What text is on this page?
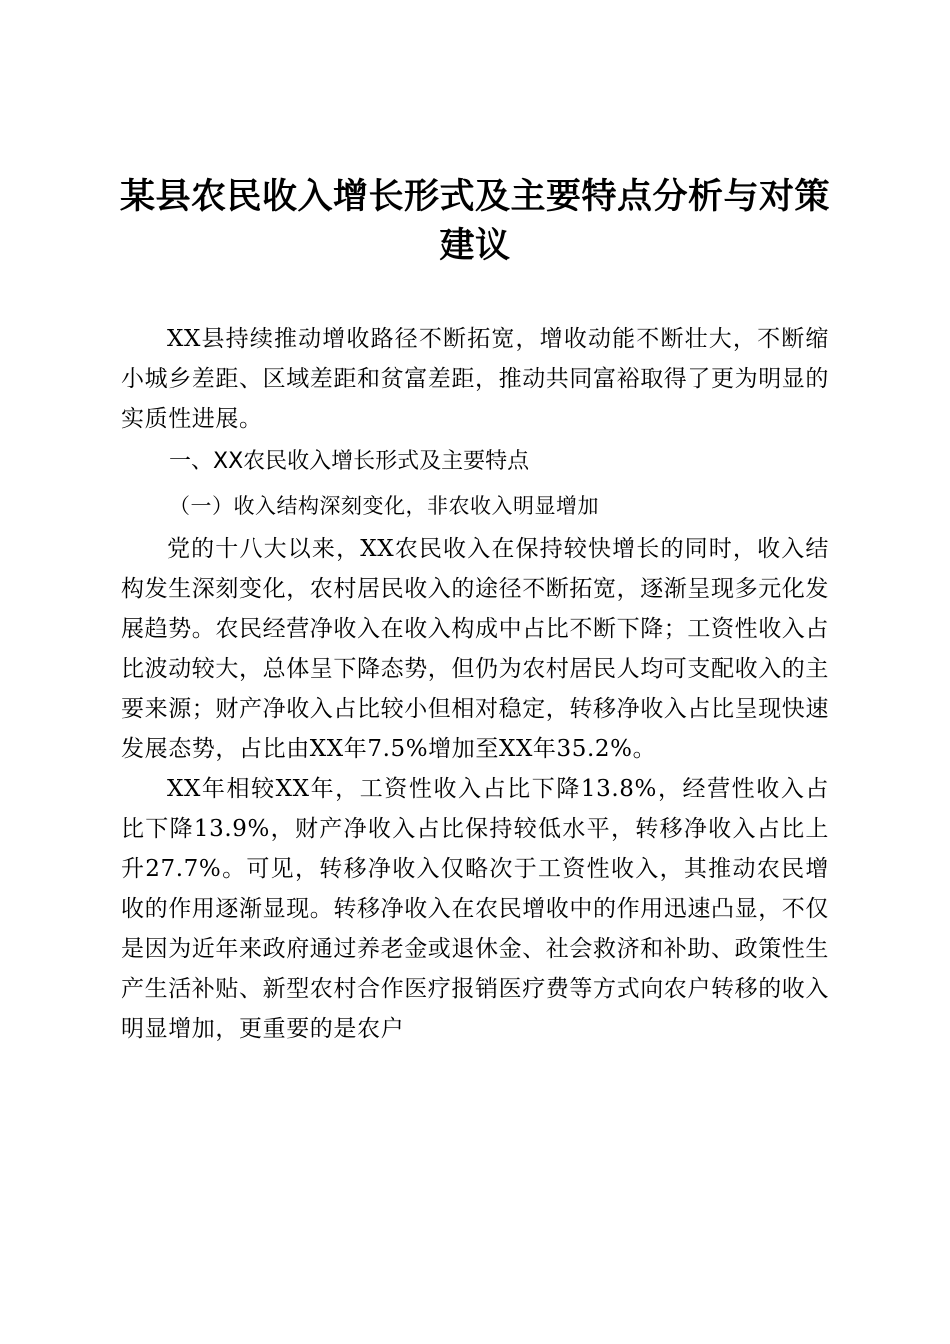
某县农民收入增长形式及主要特点分析与对策建议

XX县持续推动增收路径不断拓宽，增收动能不断壮大，不断缩小城乡差距、区域差距和贫富差距，推动共同富裕取得了更为明显的实质性进展。

一、XX农民收入增长形式及主要特点
（一）收入结构深刻变化，非农收入明显增加

党的十八大以来，XX农民收入在保持较快增长的同时，收入结构发生深刻变化，农村居民收入的途径不断拓宽，逐渐呈现多元化发展趋势。农民经营净收入在收入构成中占比不断下降；工资性收入占比波动较大，总体呈下降态势，但仍为农村居民人均可支配收入的主要来源；财产净收入占比较小但相对稳定，转移净收入占比呈现快速发展态势，占比由XX年7.5%增加至XX年35.2%。

XX年相较XX年，工资性收入占比下降13.8%，经营性收入占比下降13.9%，财产净收入占比保持较低水平，转移净收入占比上升27.7%。可见，转移净收入仅略次于工资性收入，其推动农民增收的作用逐渐显现。转移净收入在农民增收中的作用迅速凸显，不仅是因为近年来政府通过养老金或退休金、社会救济和补助、政策性生产生活补贴、新型农村合作医疗报销医疗费等方式向农户转移的收入明显增加，更重要的是农户
